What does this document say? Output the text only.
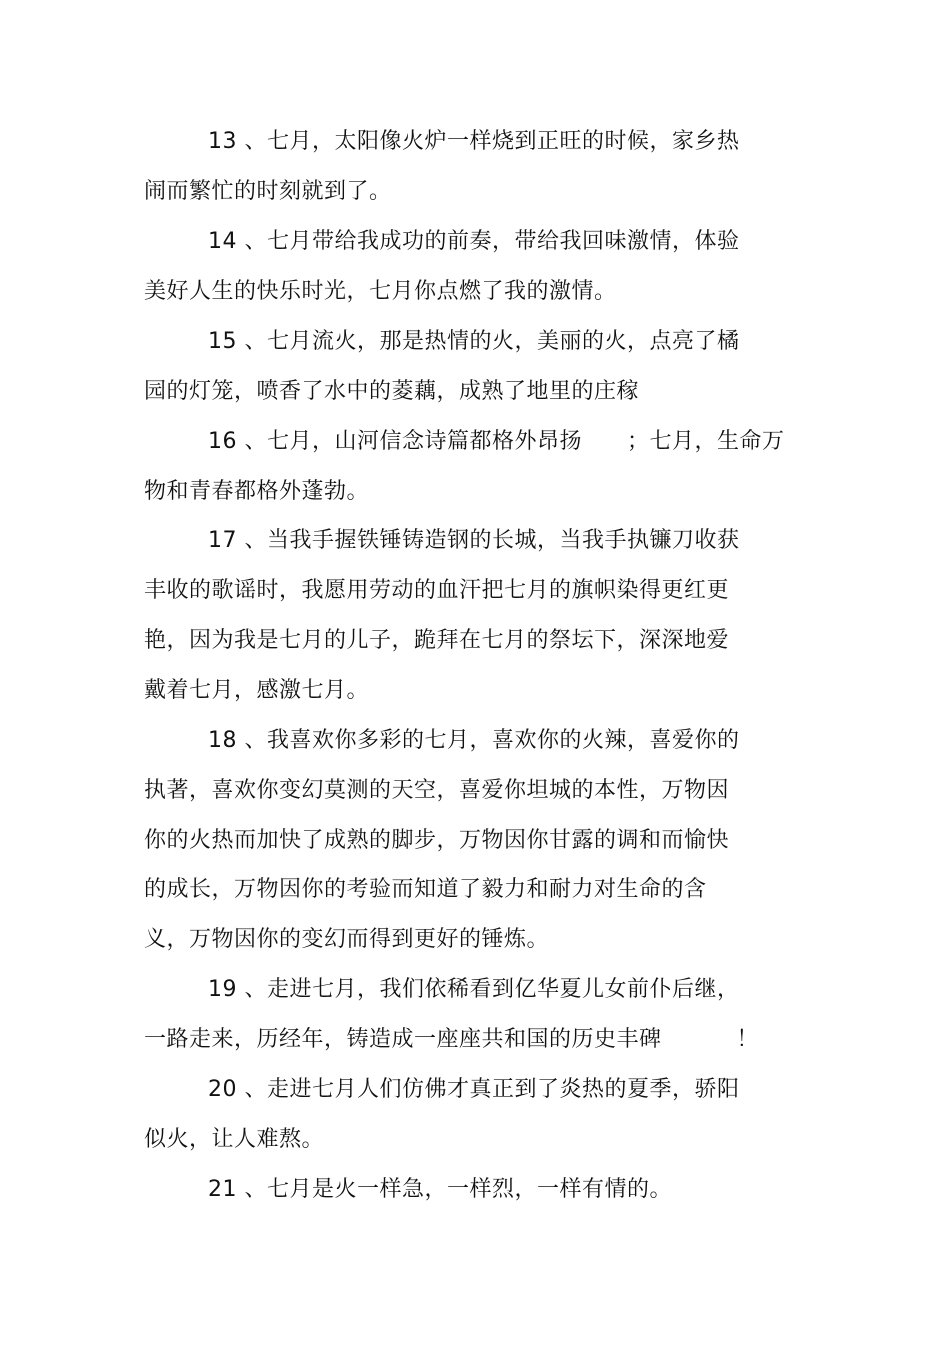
13 、七月，太阳像火炉一样烧到正旺的时候，家乡热
闹而繁忙的时刻就到了。
14 、七月带给我成功的前奏，带给我回味激情，体验
美好人生的快乐时光，七月你点燃了我的激情。
15 、七月流火，那是热情的火，美丽的火，点亮了橘
园的灯笼，喷香了水中的菱藕，成熟了地里的庄稼
16 、七月，山河信念诗篇都格外昂扬      ；七月，生命万
物和青春都格外蓬勃。
17 、当我手握铁锤铸造钢的长城，当我手执镰刀收获
丰收的歌谣时，我愿用劳动的血汗把七月的旗帜染得更红更
艳，因为我是七月的儿子，跪拜在七月的祭坛下，深深地爱
戴着七月，感激七月。
18 、我喜欢你多彩的七月，喜欢你的火辣，喜爱你的
执著，喜欢你变幻莫测的天空，喜爱你坦城的本性，万物因
你的火热而加快了成熟的脚步，万物因你甘露的调和而愉快
的成长，万物因你的考验而知道了毅力和耐力对生命的含
义，万物因你的变幻而得到更好的锤炼。
19 、走进七月，我们依稀看到亿华夏儿女前仆后继，
一路走来，历经年，铸造成一座座共和国的历史丰碑          ！
20 、走进七月人们仿佛才真正到了炎热的夏季，骄阳
似火，让人难熬。
21 、七月是火一样急，一样烈，一样有情的。
